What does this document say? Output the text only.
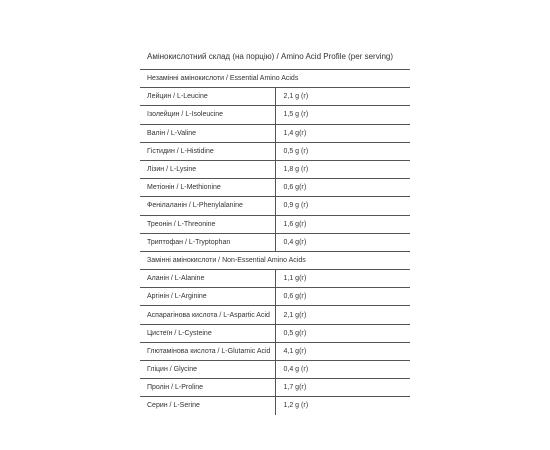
Амінокислотний склад (на порцію) / Amino Acid Profile (per serving)
Незамінні амінокислоти / Essential Amino Acids	
Лейцин / L-Leucine	2,1 g (г)
Ізолейцин / L-Isoleucine	1,5 g (г)
Валін / L-Valine	1,4 g(г)
Гістидин / L-Histidine	0,5 g (г)
Лізин / L-Lysine	1,8 g (г)
Метіонін / L-Methionine	0,6 g(г)
Фенілаланін / L-Phenylalanine	0,9 g (г)
Треонін / L-Threonine	1,6 g(г)
Триптофан / L-Tryptophan	0,4 g(г)
Замінні амінокислоти / Non-Essential Amino Acids	
Аланін / L-Alanine	1,1 g(г)
Аргінін / L-Arginine	0,6 g(г)
Аспарагінова кислота / L-Aspartic Acid	2,1 g(г)
Цистеїн / L-Cysteine	0,5 g(г)
Глютамінова кислота / L-Glutamic Acid	4,1 g(г)
Гліцин / Glycine	0,4 g (г)
Пролін / L-Proline	1,7 g(г)
Серин / L-Serine	1,2 g (г)
